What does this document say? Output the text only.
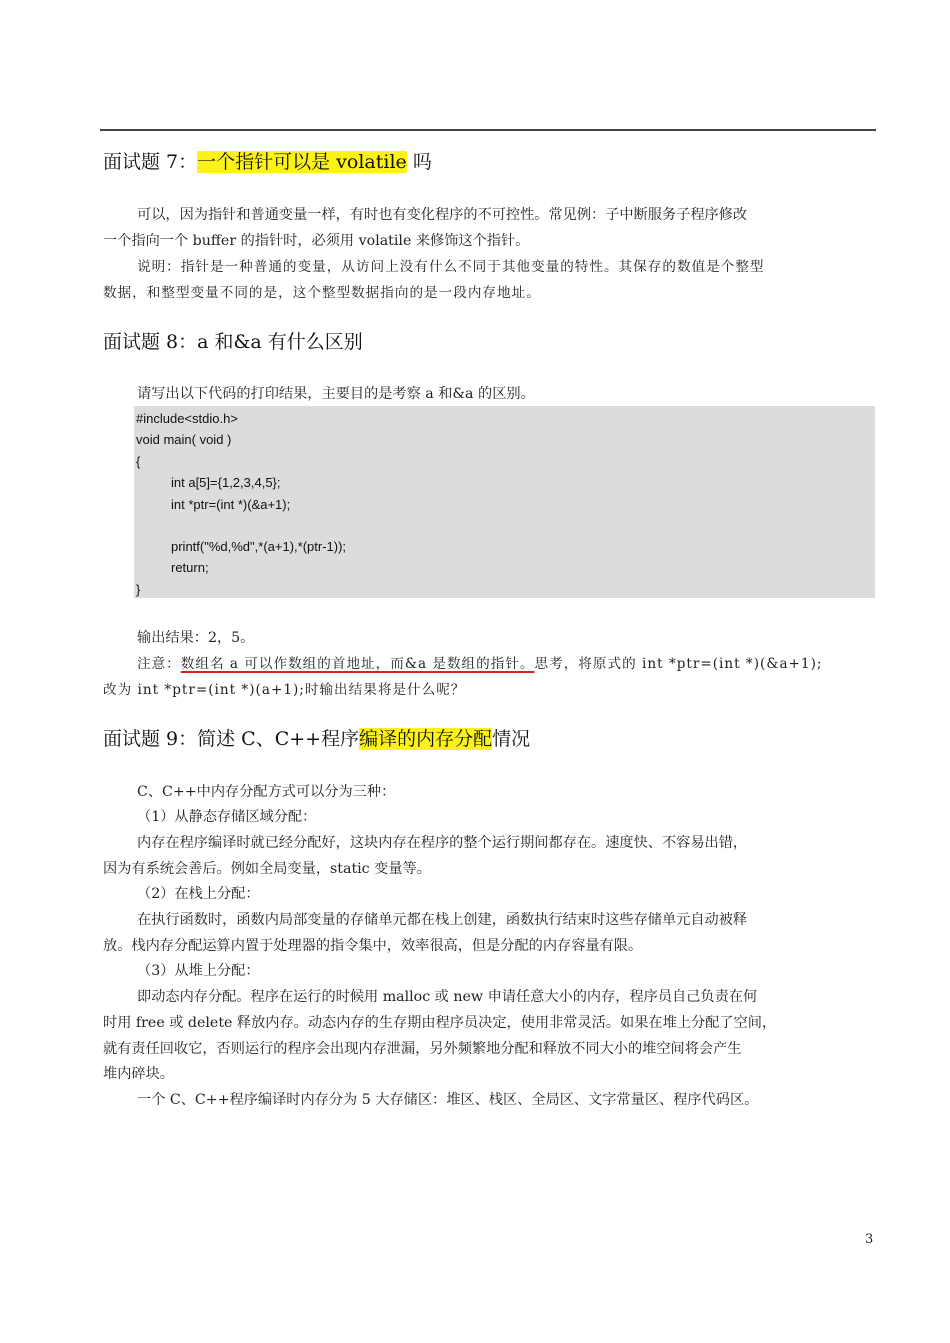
面试题 7：一个指针可以是 volatile 吗
可以，因为指针和普通变量一样，有时也有变化程序的不可控性。常见例：子中断服务子程序修改
一个指向一个 buffer 的指针时，必须用 volatile 来修饰这个指针。
说明：指针是一种普通的变量，从访问上没有什么不同于其他变量的特性。其保存的数值是个整型
数据，和整型变量不同的是，这个整型数据指向的是一段内存地址。
面试题 8：a 和&a 有什么区别
请写出以下代码的打印结果，主要目的是考察 a 和&a 的区别。
#include<stdio.h>
void main( void )
{
int a[5]={1,2,3,4,5};
int *ptr=(int *)(&a+1);
printf("%d,%d",*(a+1),*(ptr-1));
return;
}
输出结果：2，5。
注意：数组名 a 可以作数组的首地址，而&a 是数组的指针。思考，将原式的 int *ptr=(int *)(&a+1);
改为 int *ptr=(int *)(a+1);时输出结果将是什么呢？
面试题 9：简述 C、C++程序编译的内存分配情况
C、C++中内存分配方式可以分为三种：
（1）从静态存储区域分配：
内存在程序编译时就已经分配好，这块内存在程序的整个运行期间都存在。速度快、不容易出错，
因为有系统会善后。例如全局变量，static 变量等。
（2）在栈上分配：
在执行函数时，函数内局部变量的存储单元都在栈上创建，函数执行结束时这些存储单元自动被释
放。栈内存分配运算内置于处理器的指令集中，效率很高，但是分配的内存容量有限。
（3）从堆上分配：
即动态内存分配。程序在运行的时候用 malloc 或 new 申请任意大小的内存，程序员自己负责在何
时用 free 或 delete 释放内存。动态内存的生存期由程序员决定，使用非常灵活。如果在堆上分配了空间，
就有责任回收它，否则运行的程序会出现内存泄漏，另外频繁地分配和释放不同大小的堆空间将会产生
堆内碎块。
一个 C、C++程序编译时内存分为 5 大存储区：堆区、栈区、全局区、文字常量区、程序代码区。
3
